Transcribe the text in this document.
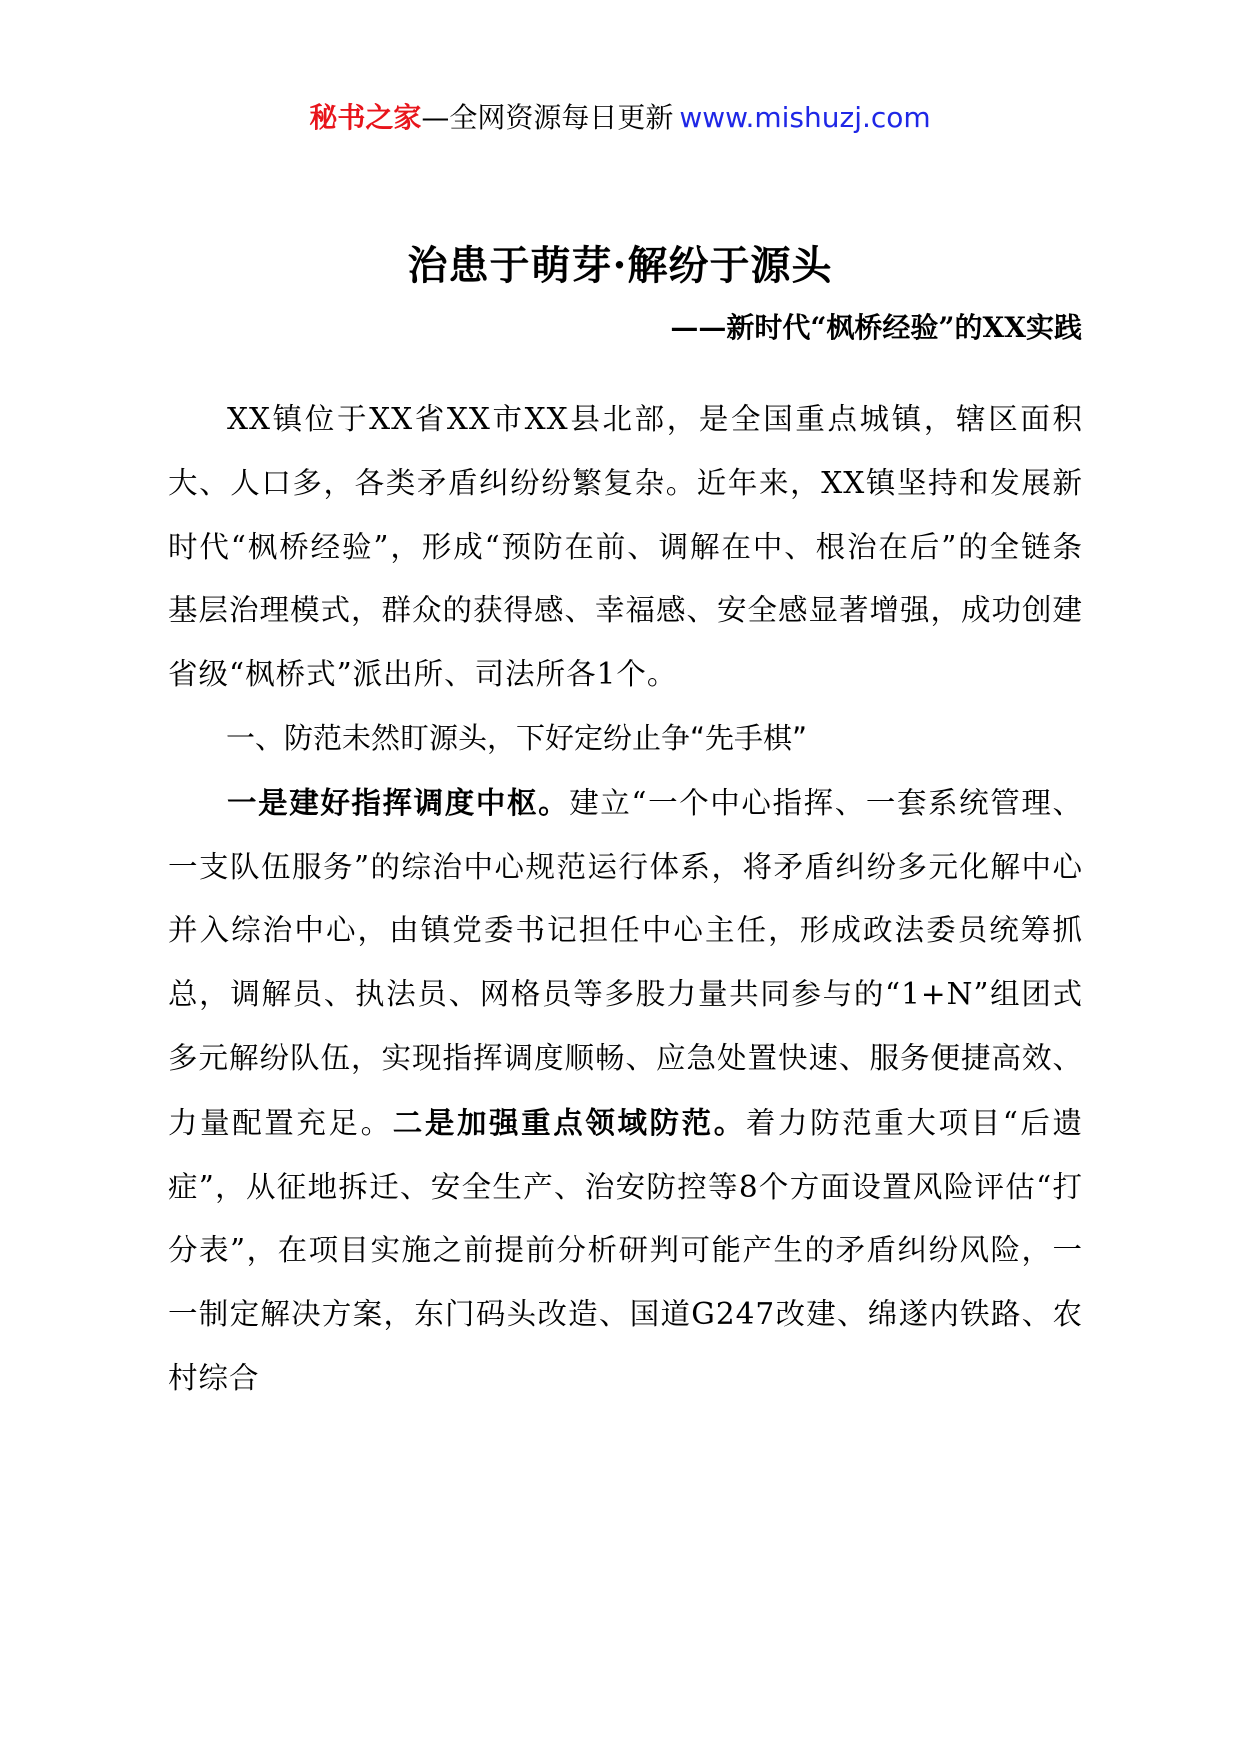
秘书之家—全网资源每日更新 www.mishuzj.com
治患于萌芽·解纷于源头
——新时代“枫桥经验”的XX实践

XX镇位于XX省XX市XX县北部，是全国重点城镇，辖区面积大、人口多，各类矛盾纠纷纷繁复杂。近年来，XX镇坚持和发展新时代“枫桥经验”，形成“预防在前、调解在中、根治在后”的全链条基层治理模式，群众的获得感、幸福感、安全感显著增强，成功创建省级“枫桥式”派出所、司法所各1个。

一、防范未然盯源头，下好定纷止争“先手棋”

一是建好指挥调度中枢。建立“一个中心指挥、一套系统管理、一支队伍服务”的综治中心规范运行体系，将矛盾纠纷多元化解中心并入综治中心，由镇党委书记担任中心主任，形成政法委员统筹抓总，调解员、执法员、网格员等多股力量共同参与的“1+N”组团式多元解纷队伍，实现指挥调度顺畅、应急处置快速、服务便捷高效、力量配置充足。二是加强重点领域防范。着力防范重大项目“后遗症”，从征地拆迁、安全生产、治安防控等8个方面设置风险评估“打分表”，在项目实施之前提前分析研判可能产生的矛盾纠纷风险，一一制定解决方案，东门码头改造、国道G247改建、绵遂内铁路、农村综合
